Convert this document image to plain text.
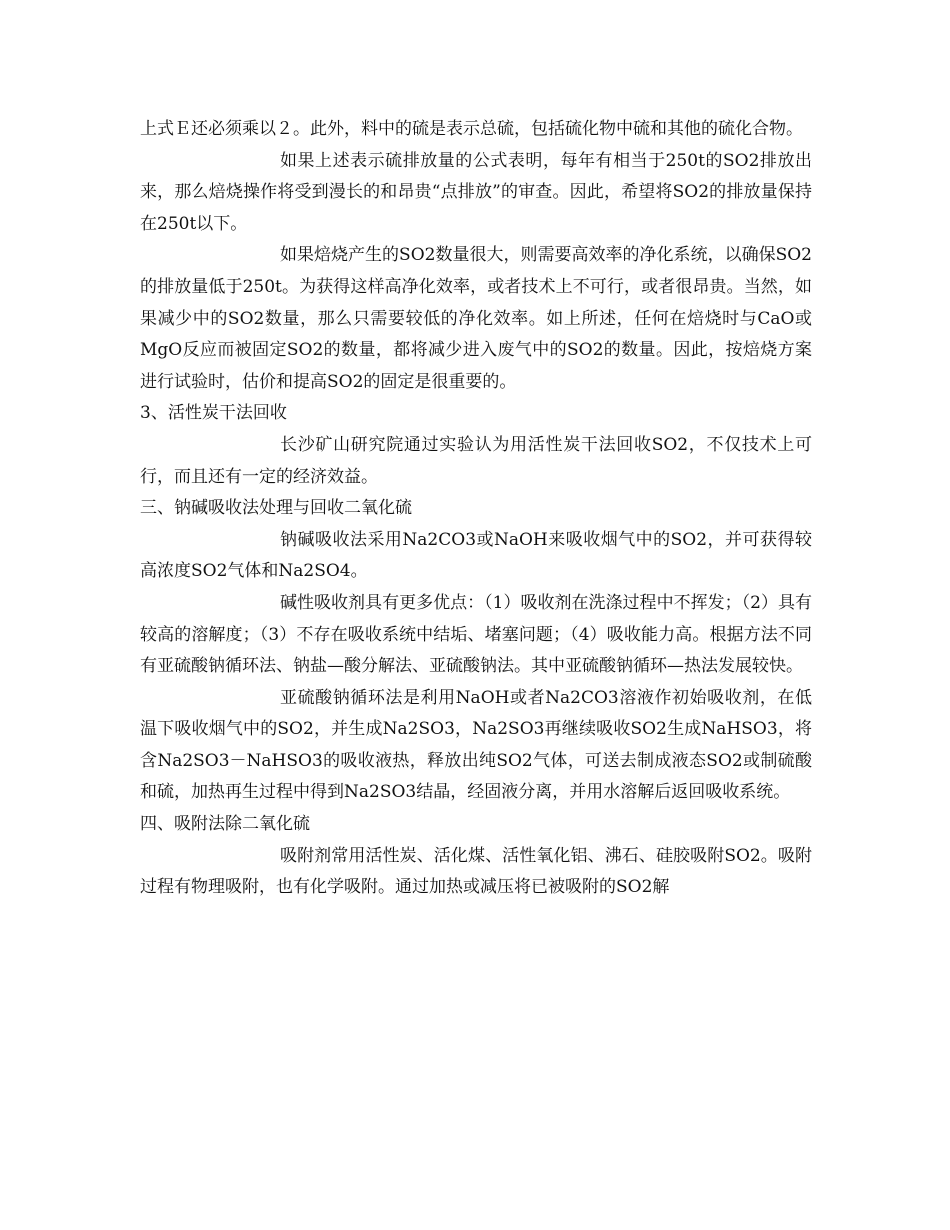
上式Ｅ还必须乘以２。此外，料中的硫是表示总硫，包括硫化物中硫和其他的硫化合物。

如果上述表示硫排放量的公式表明，每年有相当于250t的SO2排放出来，那么焙烧操作将受到漫长的和昂贵“点排放”的审查。因此，希望将SO2的排放量保持在250t以下。

如果焙烧产生的SO2数量很大，则需要高效率的净化系统，以确保SO2的排放量低于250t。为获得这样高净化效率，或者技术上不可行，或者很昂贵。当然，如果减少中的SO2数量，那么只需要较低的净化效率。如上所述，任何在焙烧时与CaO或MgO反应而被固定SO2的数量，都将减少进入废气中的SO2的数量。因此，按焙烧方案进行试验时，估价和提高SO2的固定是很重要的。

3、活性炭干法回收

长沙矿山研究院通过实验认为用活性炭干法回收SO2，不仅技术上可行，而且还有一定的经济效益。

三、钠碱吸收法处理与回收二氧化硫

钠碱吸收法采用Na2CO3或NaOH来吸收烟气中的SO2，并可获得较高浓度SO2气体和Na2SO4。

碱性吸收剂具有更多优点：（1）吸收剂在洗涤过程中不挥发；（2）具有较高的溶解度；（3）不存在吸收系统中结垢、堵塞问题；（4）吸收能力高。根据方法不同有亚硫酸钠循环法、钠盐—酸分解法、亚硫酸钠法。其中亚硫酸钠循环—热法发展较快。

亚硫酸钠循环法是利用NaOH或者Na2CO3溶液作初始吸收剂，在低温下吸收烟气中的SO2，并生成Na2SO3，Na2SO3再继续吸收SO2生成NaHSO3，将含Na2SO3－NaHSO3的吸收液热，释放出纯SO2气体，可送去制成液态SO2或制硫酸和硫，加热再生过程中得到Na2SO3结晶，经固液分离，并用水溶解后返回吸收系统。

四、吸附法除二氧化硫

吸附剂常用活性炭、活化煤、活性氧化铝、沸石、硅胶吸附SO2。吸附过程有物理吸附，也有化学吸附。通过加热或减压将已被吸附的SO2解
